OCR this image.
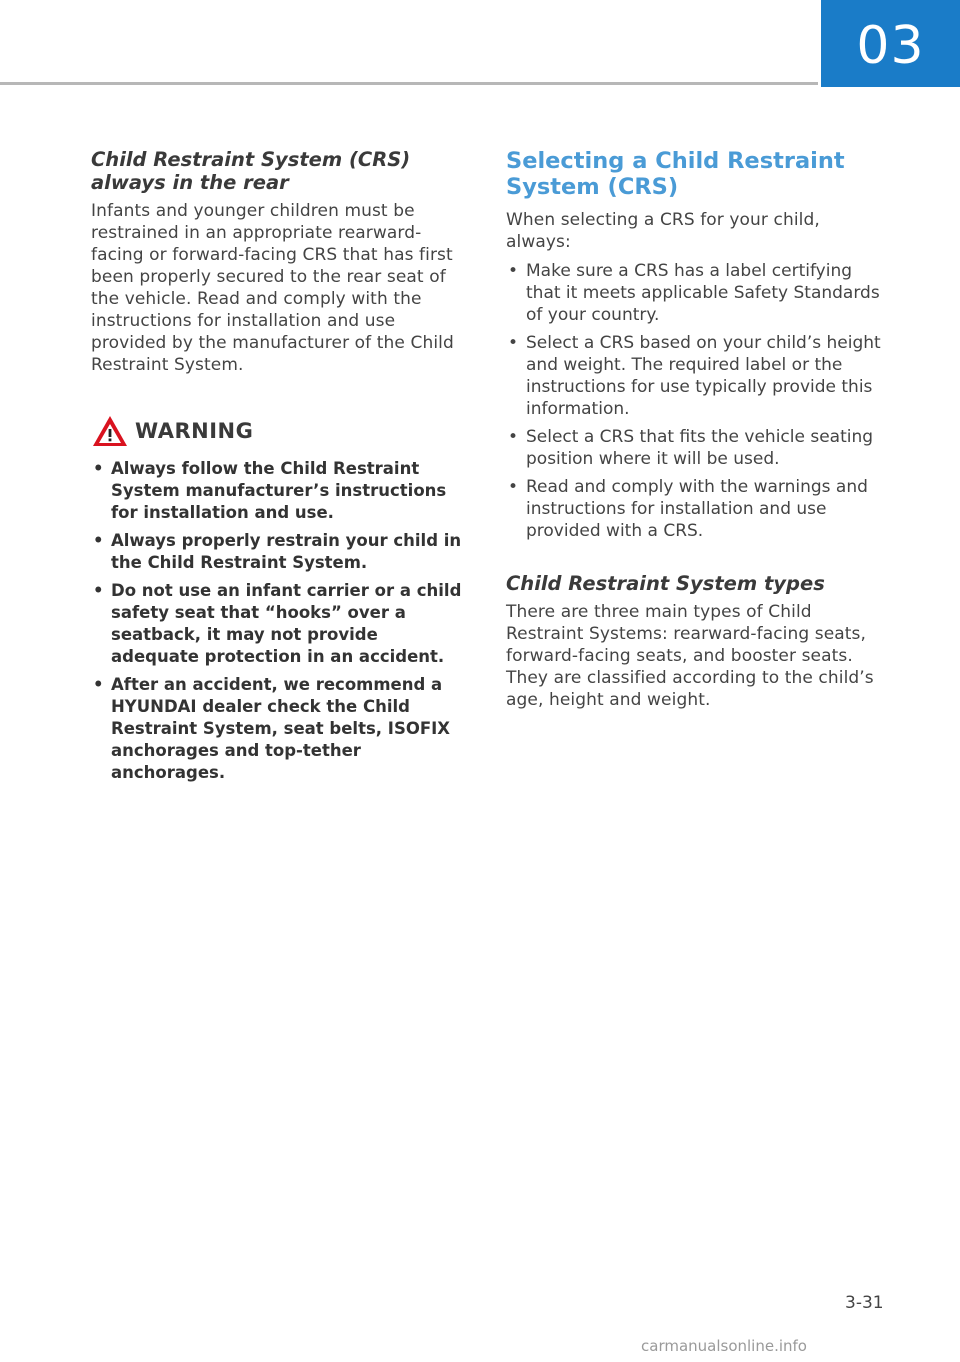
03
Child Restraint System (CRS) always in the rear

Infants and younger children must be restrained in an appropriate rearward-facing or forward-facing CRS that has first been properly secured to the rear seat of the vehicle. Read and comply with the instructions for installation and use provided by the manufacturer of the Child Restraint System.

WARNING
• Always follow the Child Restraint System manufacturer’s instructions for installation and use.
• Always properly restrain your child in the Child Restraint System.
• Do not use an infant carrier or a child safety seat that “hooks” over a seatback, it may not provide adequate protection in an accident.
• After an accident, we recommend a HYUNDAI dealer check the Child Restraint System, seat belts, ISOFIX anchorages and top-tether anchorages.
Selecting a Child Restraint System (CRS)

When selecting a CRS for your child, always:

• Make sure a CRS has a label certifying that it meets applicable Safety Standards of your country.
• Select a CRS based on your child’s height and weight. The required label or the instructions for use typically provide this information.
• Select a CRS that fits the vehicle seating position where it will be used.
• Read and comply with the warnings and instructions for installation and use provided with a CRS.
Child Restraint System types

There are three main types of Child Restraint Systems: rearward-facing seats, forward-facing seats, and booster seats. They are classified according to the child’s age, height and weight.

3-31
carmanualsonline.info
